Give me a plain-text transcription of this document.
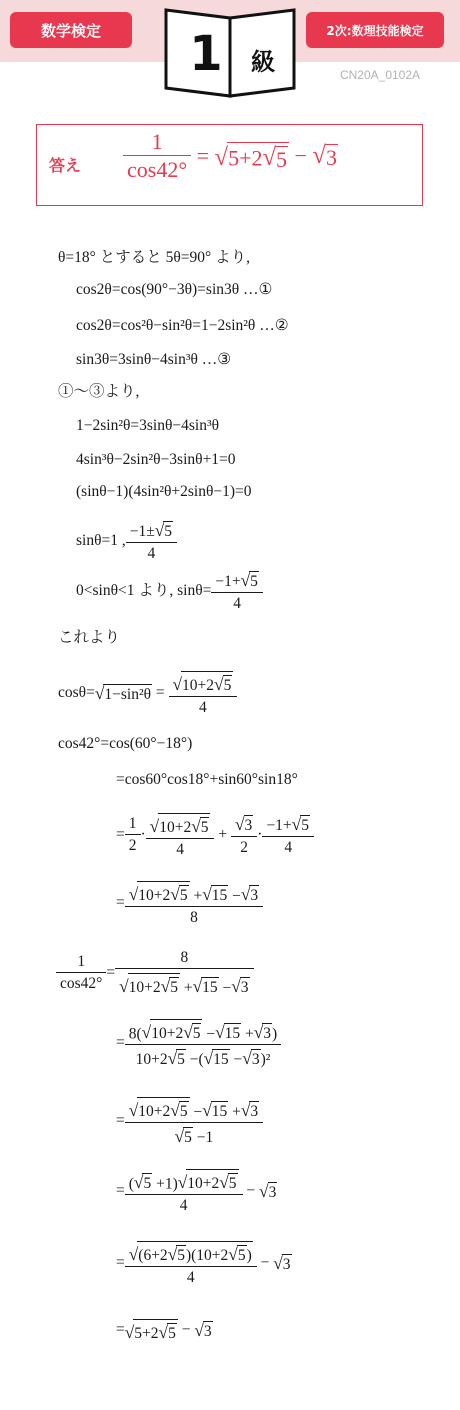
数学検定	2次:数理技能検定
1	級	CN20A_0102A
答え $\frac{1}{\cos 42^\circ}$ = √ 5+2 √ 5 − √ 3
θ=18° とすると 5θ=90° より,
cos2θ=cos(90°−3θ)=sin3θ …①
cos2θ=cos²θ−sin²θ=1−2sin²θ …②
sin3θ=3sinθ−4sin³θ …③
①〜③より,
1−2sin²θ=3sinθ−4sin³θ
4sin³θ−2sin²θ−3sinθ+1=0
(sinθ−1)(4sin²θ+2sinθ−1)=0
sinθ=1 , $\frac{-1\pm √ 5}{4}$
0<sinθ<1 より, $\sin\theta= \frac{-1+ √ 5}{4}$
これより
cosθ= √ $1-\sin^2\theta = \frac{√ 10+2 √ 5}{4}$
cos42°=cos(60°−18°)
=cos60°cos18°+sin60°sin18°
= $\frac{1}{2} \cdot \frac{√ 10+2 √ 5}{4} + \frac{√ 3}{2} \cdot \frac{-1+ √ 5}{4}$
= $\frac{√ 10+2 √ 5 + √ 15 - √ 3}{8}$
$\frac{1}{\cos 42^\circ} = \frac{8}{√ 10+2 √ 5 + √ 15 - √ 3}$
= $\frac{8( √ 10+2 √ 5 - √ 15 + √ 3 )}{\text{10+2 √ 5 −( √ 15 − √ 3 )²}}$
= $\frac{√ 10+2 √ 5 - √ 15 + √ 3}{√ 5 -1}$
= $\frac{( √ 5 +1) √ 10+2 √ 5}{4}$ − √ 3
= $\frac{√ (6+2 √ 5 )(10+2 √ 5 )}{4}$ − √ 3
= √ 5+2 √ 5 − √ 3
